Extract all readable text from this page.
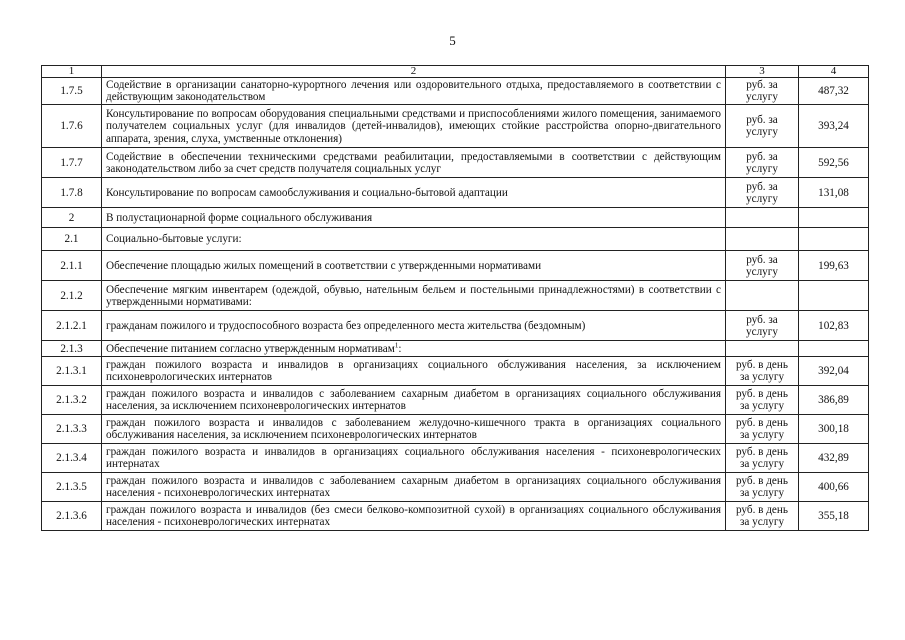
5
1	2	3	4
1.7.5	Содействие в организации санаторно-курортного лечения или оздоровительного отдыха, предоставляемого в соответствии с действующим законодательством	руб. за услугу	487,32
1.7.6	Консультирование по вопросам оборудования специальными средствами и приспособлениями жилого помещения, занимаемого получателем социальных услуг (для инвалидов (детей-инвалидов), имеющих стойкие расстройства опорно-двигательного аппарата, зрения, слуха, умственные отклонения)	руб. за услугу	393,24
1.7.7	Содействие в обеспечении техническими средствами реабилитации, предоставляемыми в соответствии с действующим законодательством либо за счет средств получателя социальных услуг	руб. за услугу	592,56
1.7.8	Консультирование по вопросам самообслуживания и социально-бытовой адаптации	руб. за услугу	131,08
2	В полустационарной форме социального обслуживания		
2.1	Социально-бытовые услуги:		
2.1.1	Обеспечение площадью жилых помещений в соответствии с утвержденными нормативами	руб. за услугу	199,63
2.1.2	Обеспечение мягким инвентарем (одеждой, обувью, нательным бельем и постельными принадлежностями) в соответствии с утвержденными нормативами:		
2.1.2.1	гражданам пожилого и трудоспособного возраста без определенного места жительства (бездомным)	руб. за услугу	102,83
2.1.3	Обеспечение питанием согласно утвержденным нормативам$^1$:		
2.1.3.1	граждан пожилого возраста и инвалидов в организациях социального обслуживания населения, за исключением психоневрологических интернатов	руб. в день за услугу	392,04
2.1.3.2	граждан пожилого возраста и инвалидов с заболеванием сахарным диабетом в организациях социального обслуживания населения, за исключением психоневрологических интернатов	руб. в день за услугу	386,89
2.1.3.3	граждан пожилого возраста и инвалидов с заболеванием желудочно-кишечного тракта в организациях социального обслуживания населения, за исключением психоневрологических интернатов	руб. в день за услугу	300,18
2.1.3.4	граждан пожилого возраста и инвалидов в организациях социального обслуживания населения - психоневрологических интернатах	руб. в день за услугу	432,89
2.1.3.5	граждан пожилого возраста и инвалидов с заболеванием сахарным диабетом в организациях социального обслуживания населения - психоневрологических интернатах	руб. в день за услугу	400,66
2.1.3.6	граждан пожилого возраста и инвалидов (без смеси белково-композитной сухой) в организациях социального обслуживания населения - психоневрологических интернатах	руб. в день за услугу	355,18
